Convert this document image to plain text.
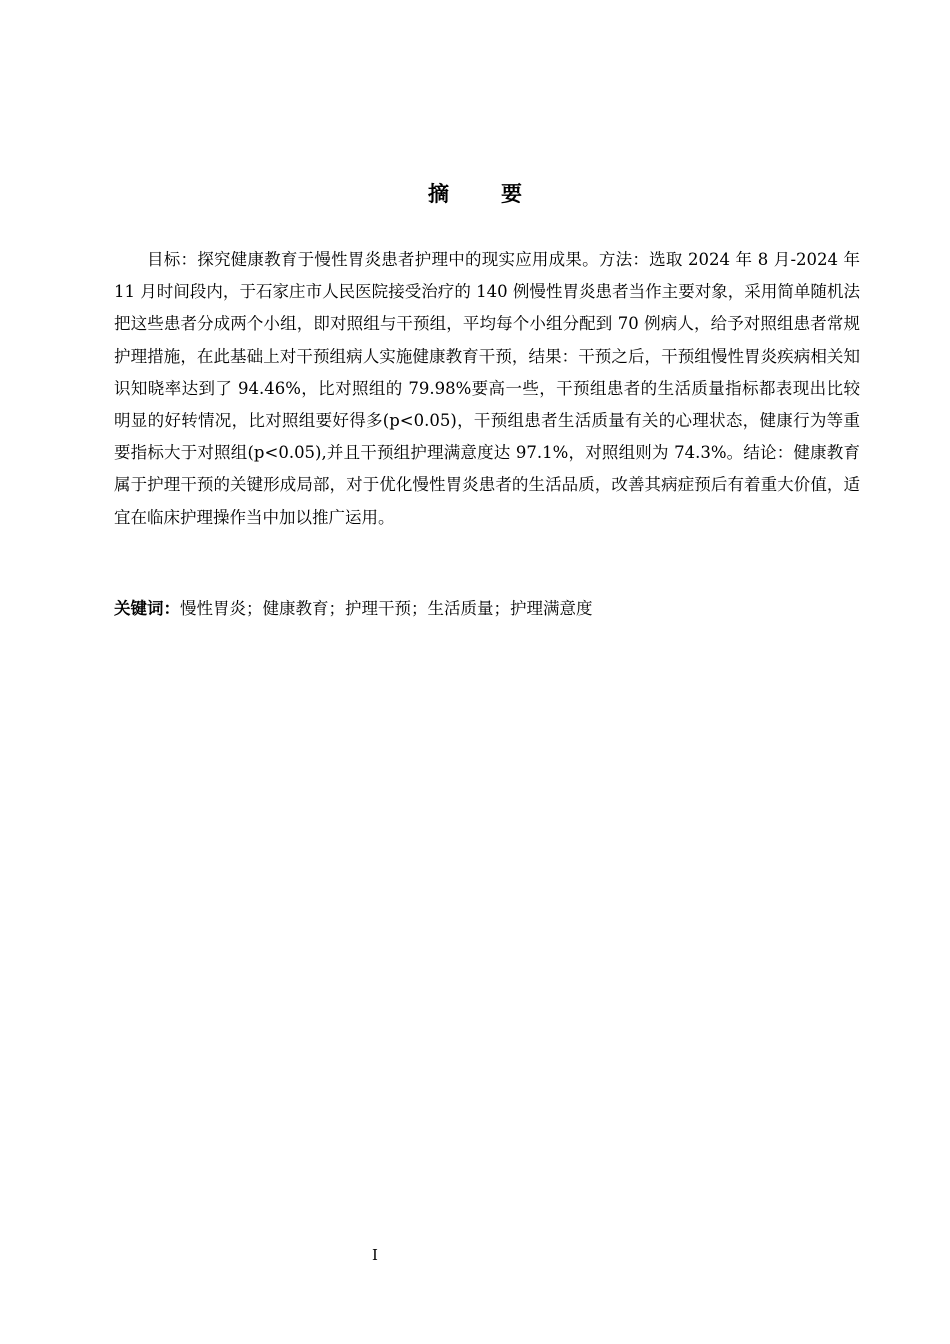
摘 要

目标：探究健康教育于慢性胃炎患者护理中的现实应用成果。方法：选取 2024 年 8 月-2024 年 11 月时间段内，于石家庄市人民医院接受治疗的 140 例慢性胃炎患者当作主要对象，采用简单随机法把这些患者分成两个小组，即对照组与干预组，平均每个小组分配到 70 例病人，给予对照组患者常规护理措施，在此基础上对干预组病人实施健康教育干预，结果：干预之后，干预组慢性胃炎疾病相关知识知晓率达到了 94.46%，比对照组的 79.98%要高一些，干预组患者的生活质量指标都表现出比较明显的好转情况，比对照组要好得多(p<0.05)，干预组患者生活质量有关的心理状态，健康行为等重要指标大于对照组(p<0.05),并且干预组护理满意度达 97.1%，对照组则为 74.3%。结论：健康教育属于护理干预的关键形成局部，对于优化慢性胃炎患者的生活品质，改善其病症预后有着重大价值，适宜在临床护理操作当中加以推广运用。

关键词：慢性胃炎；健康教育；护理干预；生活质量；护理满意度

I
